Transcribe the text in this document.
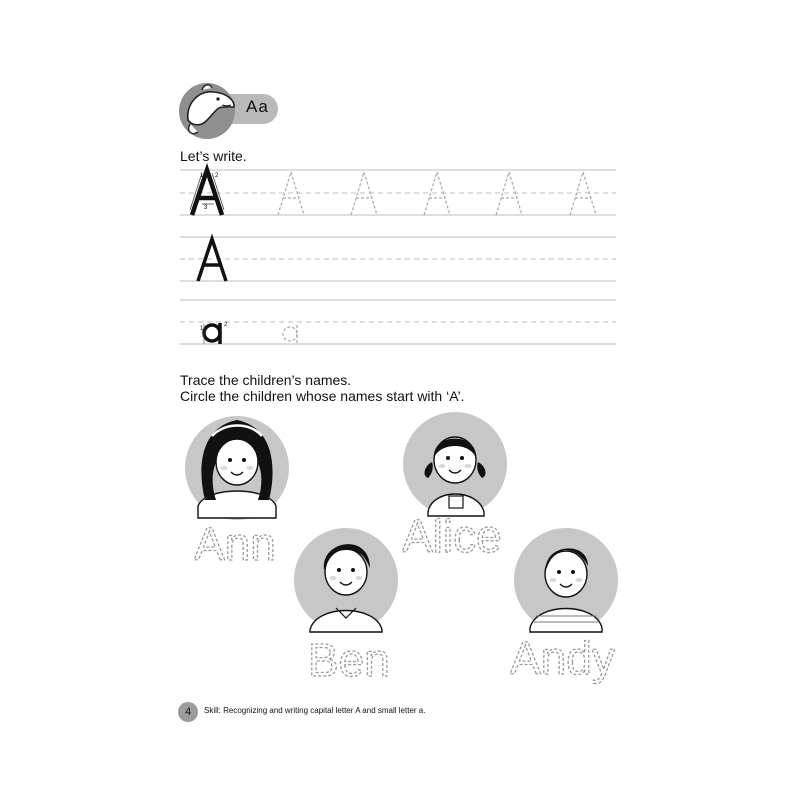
Aa
Let’s write.
1 2
3
1
2
Trace the children’s names.
Circle the children whose names start with ‘A’.
Ann	Alice
Ben	Andy
4	Skill: Recognizing and writing capital letter A and small letter a.
